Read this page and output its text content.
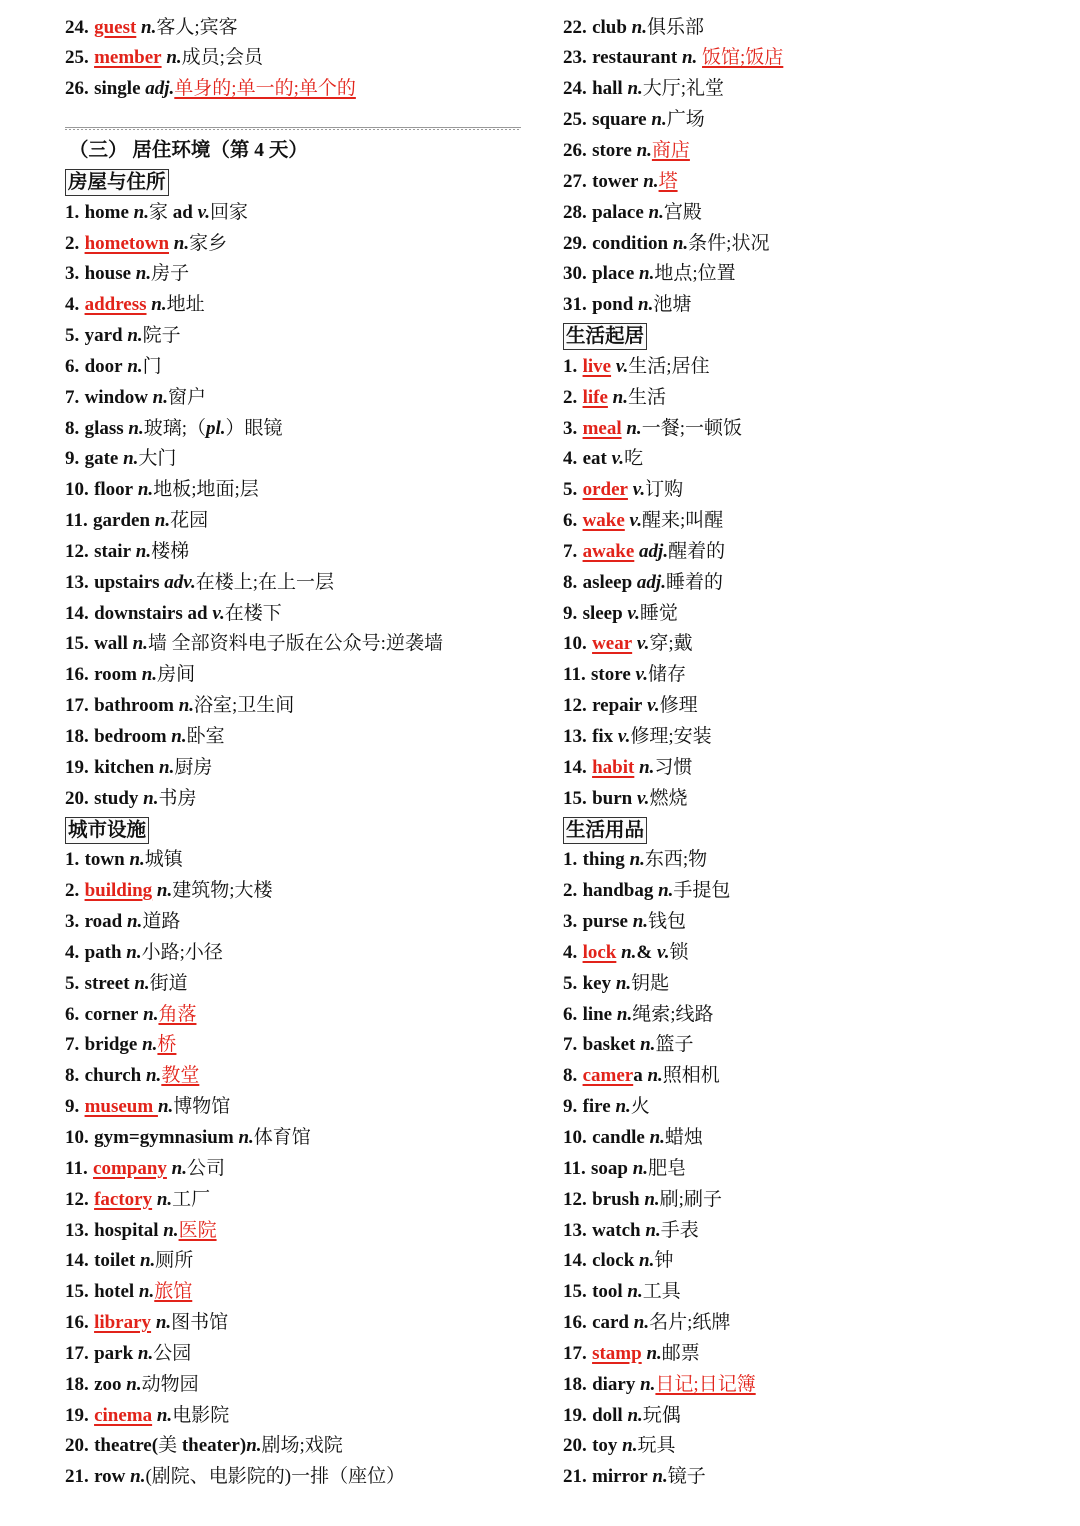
24. guest n.客人;宾客
25. member n.成员;会员
26. single adj.单身的;单一的;单个的
（三） 居住环境（第 4 天）
房屋与住所
1. home n.家 ad v.回家
2. hometown n.家乡
3. house n.房子
4. address n.地址
5. yard n.院子
6. door n.门
7. window n.窗户
8. glass n.玻璃;（pl.）眼镜
9. gate n.大门
10. floor n.地板;地面;层
11. garden n.花园
12. stair n.楼梯
13. upstairs adv.在楼上;在上一层
14. downstairs ad v.在楼下
15. wall n.墙 全部资料电子版在公众号:逆袭墙
16. room n.房间
17. bathroom n.浴室;卫生间
18. bedroom n.卧室
19. kitchen n.厨房
20. study n.书房
城市设施
1. town n.城镇
2. building n.建筑物;大楼
3. road n.道路
4. path n.小路;小径
5. street n.街道
6. corner n.角落
7. bridge n.桥
8. church n.教堂
9. museum n.博物馆
10. gym=gymnasium n.体育馆
11. company n.公司
12. factory n.工厂
13. hospital n.医院
14. toilet n.厕所
15. hotel n.旅馆
16. library n.图书馆
17. park n.公园
18. zoo n.动物园
19. cinema n.电影院
20. theatre(美 theater)n.剧场;戏院
21. row n.(剧院、电影院的)一排（座位）
22. club n.俱乐部
23. restaurant n. 饭馆;饭店
24. hall n.大厅;礼堂
25. square n.广场
26. store n.商店
27. tower n.塔
28. palace n.宫殿
29. condition n.条件;状况
30. place n.地点;位置
31. pond n.池塘
生活起居
1. live v.生活;居住
2. life n.生活
3. meal n.一餐;一顿饭
4. eat v.吃
5. order v.订购
6. wake v.醒来;叫醒
7. awake adj.醒着的
8. asleep adj.睡着的
9. sleep v.睡觉
10. wear v.穿;戴
11. store v.储存
12. repair v.修理
13. fix v.修理;安装
14. habit n.习惯
15. burn v.燃烧
生活用品
1. thing n.东西;物
2. handbag n.手提包
3. purse n.钱包
4. lock n.& v.锁
5. key n.钥匙
6. line n.绳索;线路
7. basket n.篮子
8. camera n.照相机
9. fire n.火
10. candle n.蜡烛
11. soap n.肥皂
12. brush n.刷;刷子
13. watch n.手表
14. clock n.钟
15. tool n.工具
16. card n.名片;纸牌
17. stamp n.邮票
18. diary n.日记;日记簿
19. doll n.玩偶
20. toy n.玩具
21. mirror n.镜子
